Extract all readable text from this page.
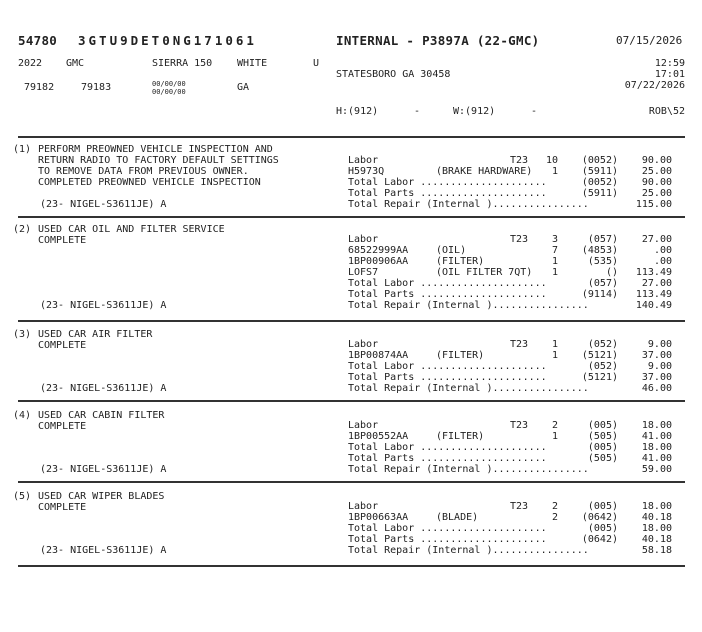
54780 3GTU9DET0NG171061	INTERNAL - P3897A (22-GMC)	07/15/2026
2022 GMC	SIERRA 150 WHITE	U	12:59
17:01
STATESBORO GA 30458
07/22/2026
79182	79183	00/00/00
00/00/00	GA
H:(912)	-	W:(912)	-	ROB\52
(1) PERFORM PREOWNED VEHICLE INSPECTION AND
RETURN RADIO TO FACTORY DEFAULT SETTINGS
TO REMOVE DATA FROM PREVIOUS OWNER.
COMPLETED PREOWNED VEHICLE INSPECTION
(23- NIGEL-S3611JE) A
Labor	T23	10	(0052)	90.00
H5973Q	(BRAKE HARDWARE)	1	(5911)	25.00
Total Labor .....................	(0052)	90.00
Total Parts .....................	(5911)	25.00
Total Repair (Internal )................	115.00
(2) USED CAR OIL AND FILTER SERVICE
COMPLETE
(23- NIGEL-S3611JE) A
Labor	T23	3	(057)	27.00
68522999AA	(OIL)	7	(4853)	.00
1BP00906AA	(FILTER)	1	(535)	.00
LOFS7	(OIL FILTER 7QT)	1	()	113.49
Total Labor .....................	(057)	27.00
Total Parts .....................	(9114)	113.49
Total Repair (Internal )................	140.49
(3) USED CAR AIR FILTER
COMPLETE
(23- NIGEL-S3611JE) A
Labor	T23	1	(052)	9.00
1BP00874AA	(FILTER)	1	(5121)	37.00
Total Labor .....................	(052)	9.00
Total Parts .....................	(5121)	37.00
Total Repair (Internal )................	46.00
(4) USED CAR CABIN FILTER
COMPLETE
(23- NIGEL-S3611JE) A
Labor	T23	2	(005)	18.00
1BP00552AA	(FILTER)	1	(505)	41.00
Total Labor .....................	(005)	18.00
Total Parts .....................	(505)	41.00
Total Repair (Internal )................	59.00
(5) USED CAR WIPER BLADES
COMPLETE
(23- NIGEL-S3611JE) A
Labor	T23	2	(005)	18.00
1BP00663AA	(BLADE)	2	(0642)	40.18
Total Labor .....................	(005)	18.00
Total Parts .....................	(0642)	40.18
Total Repair (Internal )................	58.18
